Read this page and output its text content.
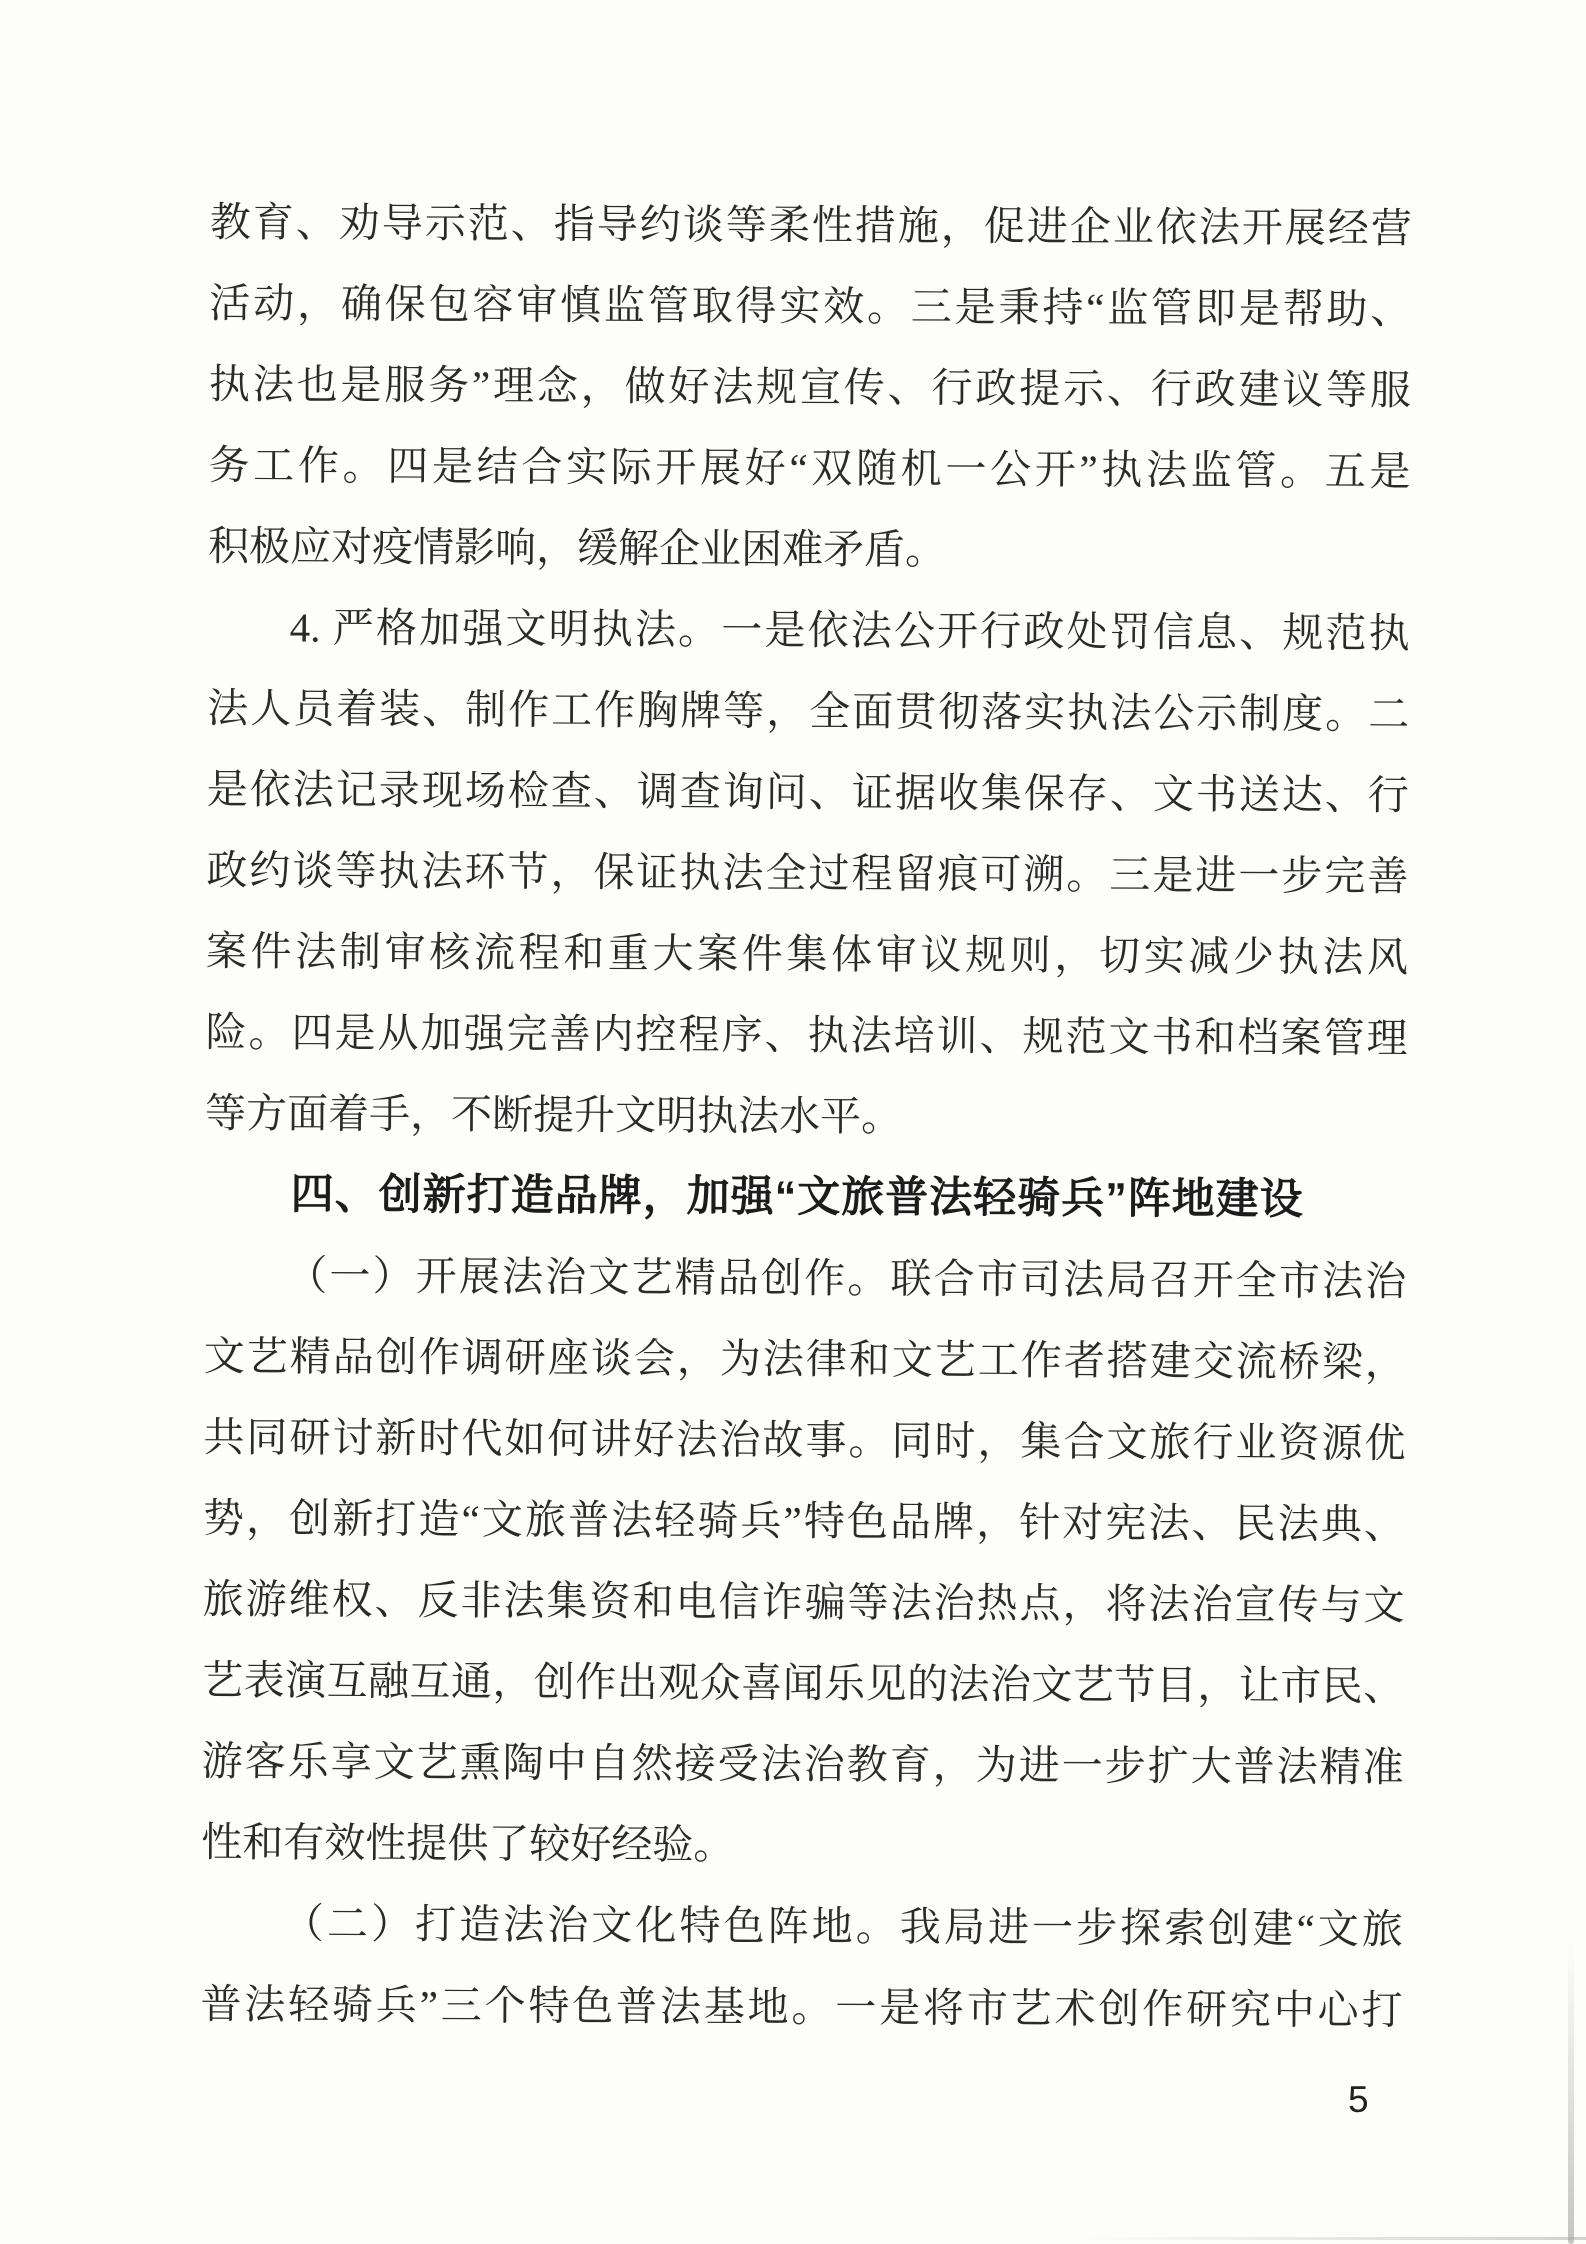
教育、劝导示范、指导约谈等柔性措施，促进企业依法开展经营
活动，确保包容审慎监管取得实效。三是秉持“监管即是帮助、
执法也是服务”理念，做好法规宣传、行政提示、行政建议等服
务工作。四是结合实际开展好“双随机一公开”执法监管。五是
积极应对疫情影响，缓解企业困难矛盾。
4. 严格加强文明执法。一是依法公开行政处罚信息、规范执
法人员着装、制作工作胸牌等，全面贯彻落实执法公示制度。二
是依法记录现场检查、调查询问、证据收集保存、文书送达、行
政约谈等执法环节，保证执法全过程留痕可溯。三是进一步完善
案件法制审核流程和重大案件集体审议规则，切实减少执法风
险。四是从加强完善内控程序、执法培训、规范文书和档案管理
等方面着手，不断提升文明执法水平。
四、创新打造品牌，加强“文旅普法轻骑兵”阵地建设
（一）开展法治文艺精品创作。联合市司法局召开全市法治
文艺精品创作调研座谈会，为法律和文艺工作者搭建交流桥梁，
共同研讨新时代如何讲好法治故事。同时，集合文旅行业资源优
势，创新打造“文旅普法轻骑兵”特色品牌，针对宪法、民法典、
旅游维权、反非法集资和电信诈骗等法治热点，将法治宣传与文
艺表演互融互通，创作出观众喜闻乐见的法治文艺节目，让市民、
游客乐享文艺熏陶中自然接受法治教育，为进一步扩大普法精准
性和有效性提供了较好经验。
（二）打造法治文化特色阵地。我局进一步探索创建“文旅
普法轻骑兵”三个特色普法基地。一是将市艺术创作研究中心打
5
